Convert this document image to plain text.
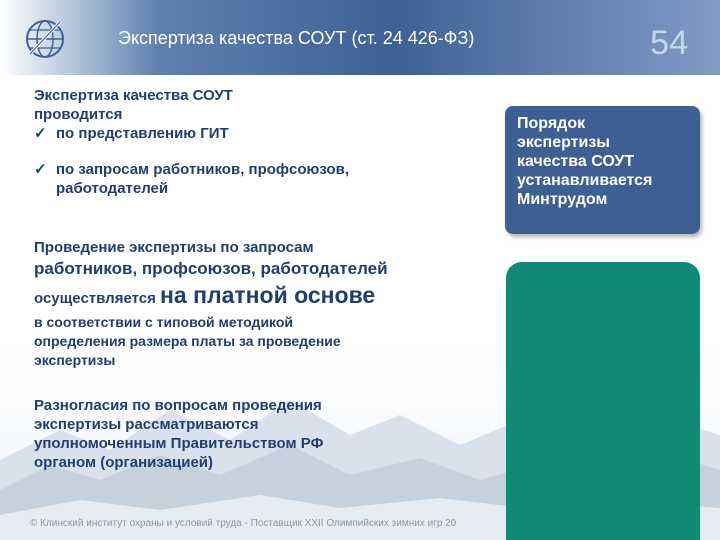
Экспертиза качества СОУТ (ст. 24 426-ФЗ)	54
Экспертиза качества СОУТ
проводится
✓ по представлению ГИТ
✓ по запросам работников, профсоюзов,
работодателей
Проведение экспертизы по запросам
работников, профсоюзов, работодателей
осуществляется на платной основе
в соответствии с типовой методикой
определения размера платы за проведение
экспертизы
Разногласия по вопросам проведения
экспертизы рассматриваются
уполномоченным Правительством РФ
органом (организацией)
Порядок
экспертизы
качества СОУТ
устанавливается
Минтрудом
© Клинский институт охраны и условий труда - Поставщик XXII Олимпийских зимних игр 20
